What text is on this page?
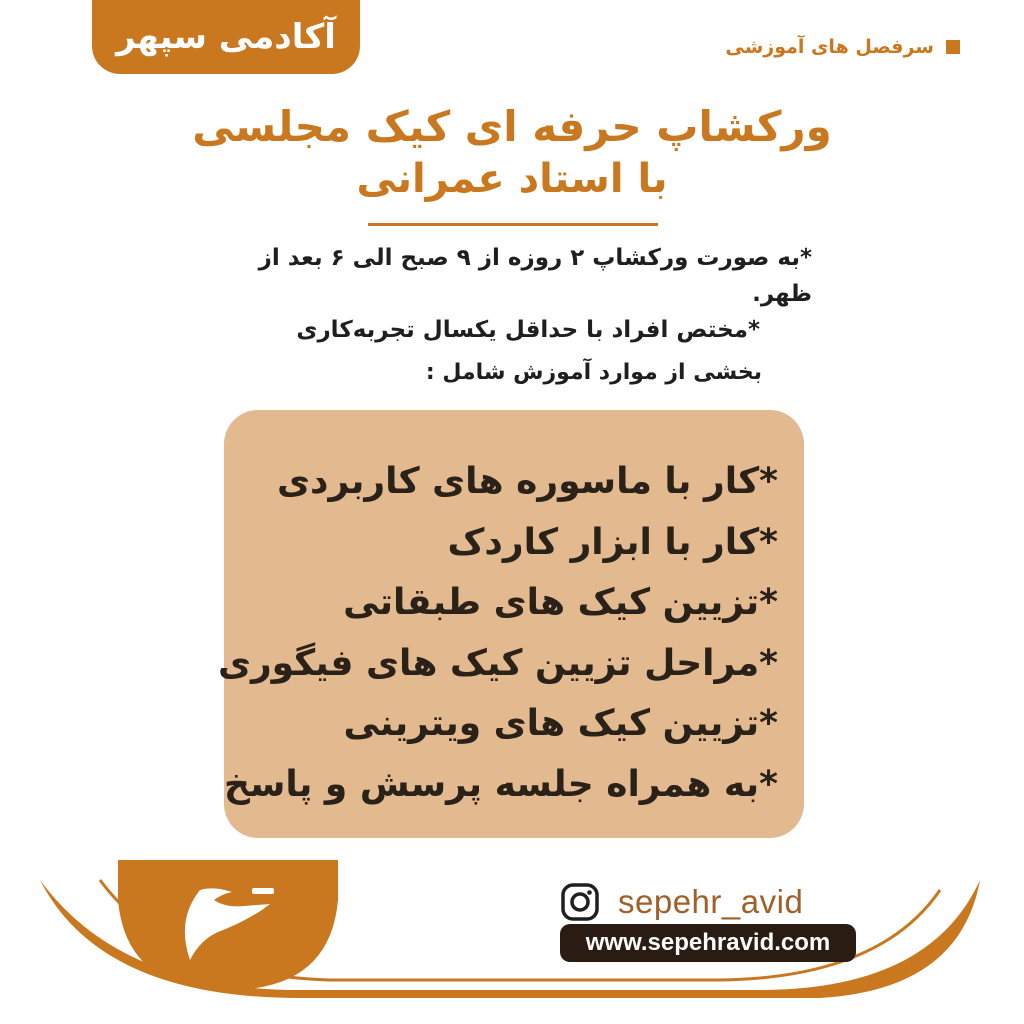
آکادمی سپهر	سرفصل های آموزشی
ورکشاپ حرفه ای کیک مجلسی
با استاد عمرانی
*به صورت ورکشاپ ۲ روزه از ۹ صبح الی ۶ بعد از ظهر.
*مختص افراد با حداقل یکسال تجربه‌کاری
بخشی از موارد آموزش شامل :
*کار با ماسوره های کاربردی
*کار با ابزار کاردک
*تزیین کیک های طبقاتی
*مراحل تزیین کیک های فیگوری
*تزیین کیک های ویترینی
*به همراه جلسه پرسش و پاسخ
sepehr_avid
www.sepehravid.com
